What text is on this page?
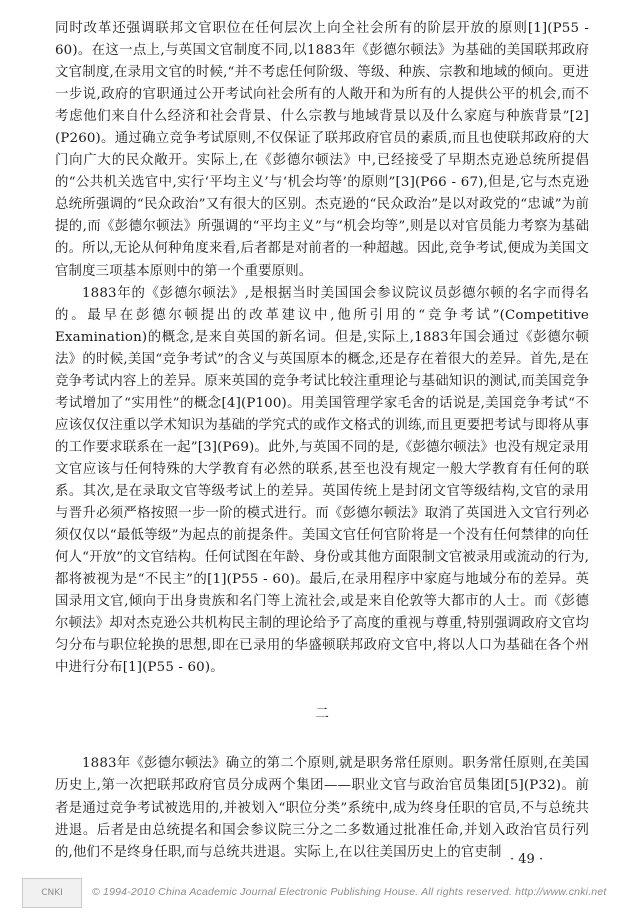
同时改革还强调联邦文官职位在任何层次上向全社会所有的阶层开放的原则[1](P55 - 60)。在这一点上,与英国文官制度不同,以1883年《彭德尔顿法》为基础的美国联邦政府文官制度,在录用文官的时候,“并不考虑任何阶级、等级、种族、宗教和地域的倾向。更进一步说,政府的官职通过公开考试向社会所有的人敞开和为所有的人提供公平的机会,而不考虑他们来自什么经济和社会背景、什么宗教与地域背景以及什么家庭与种族背景”[2](P260)。通过确立竞争考试原则,不仅保证了联邦政府官员的素质,而且也使联邦政府的大门向广大的民众敞开。实际上,在《彭德尔顿法》中,已经接受了早期杰克逊总统所提倡的“公共机关选官中,实行‘平均主义’与‘机会均等’的原则”[3](P66 - 67),但是,它与杰克逊总统所强调的“民众政治”又有很大的区别。杰克逊的“民众政治”是以对政党的“忠诚”为前提的,而《彭德尔顿法》所强调的“平均主义”与“机会均等”,则是以对官员能力考察为基础的。所以,无论从何种角度来看,后者都是对前者的一种超越。因此,竞争考试,便成为美国文官制度三项基本原则中的第一个重要原则。

1883年的《彭德尔顿法》,是根据当时美国国会参议院议员彭德尔顿的名字而得名的。最早在彭德尔顿提出的改革建议中,他所引用的“竞争考试”(Competitive Examination)的概念,是来自英国的新名词。但是,实际上,1883年国会通过《彭德尔顿法》的时候,美国“竞争考试”的含义与英国原本的概念,还是存在着很大的差异。首先,是在竞争考试内容上的差异。原来英国的竞争考试比较注重理论与基础知识的测试,而美国竞争考试增加了“实用性”的概念[4](P100)。用美国管理学家毛舍的话说是,美国竞争考试“不应该仅仅注重以学术知识为基础的学究式的或作文格式的训练,而且更要把考试与即将从事的工作要求联系在一起”[3](P69)。此外,与英国不同的是,《彭德尔顿法》也没有规定录用文官应该与任何特殊的大学教育有必然的联系,甚至也没有规定一般大学教育有任何的联系。其次,是在录取文官等级考试上的差异。英国传统上是封闭文官等级结构,文官的录用与晋升必须严格按照一步一阶的模式进行。而《彭德尔顿法》取消了英国进入文官行列必须仅仅以“最低等级”为起点的前提条件。美国文官任何官阶将是一个没有任何禁律的向任何人“开放”的文官结构。任何试图在年龄、身份或其他方面限制文官被录用或流动的行为,都将被视为是“不民主”的[1](P55 - 60)。最后,在录用程序中家庭与地域分布的差异。英国录用文官,倾向于出身贵族和名门等上流社会,或是来自伦敦等大都市的人士。而《彭德尔顿法》却对杰克逊公共机构民主制的理论给予了高度的重视与尊重,特别强调政府文官均匀分布与职位轮换的思想,即在已录用的华盛顿联邦政府文官中,将以人口为基础在各个州中进行分布[1](P55 - 60)。

二

1883年《彭德尔顿法》确立的第二个原则,就是职务常任原则。职务常任原则,在美国历史上,第一次把联邦政府官员分成两个集团——职业文官与政治官员集团[5](P32)。前者是通过竞争考试被选用的,并被划入“职位分类”系统中,成为终身任职的官员,不与总统共进退。后者是由总统提名和国会参议院三分之二多数通过批准任命,并划入政治官员行列的,他们不是终身任职,而与总统共进退。实际上,在以往美国历史上的官吏制 · 49 ·
CNKI	© 1994-2010 China Academic Journal Electronic Publishing House. All rights reserved. http://www.cnki.net
